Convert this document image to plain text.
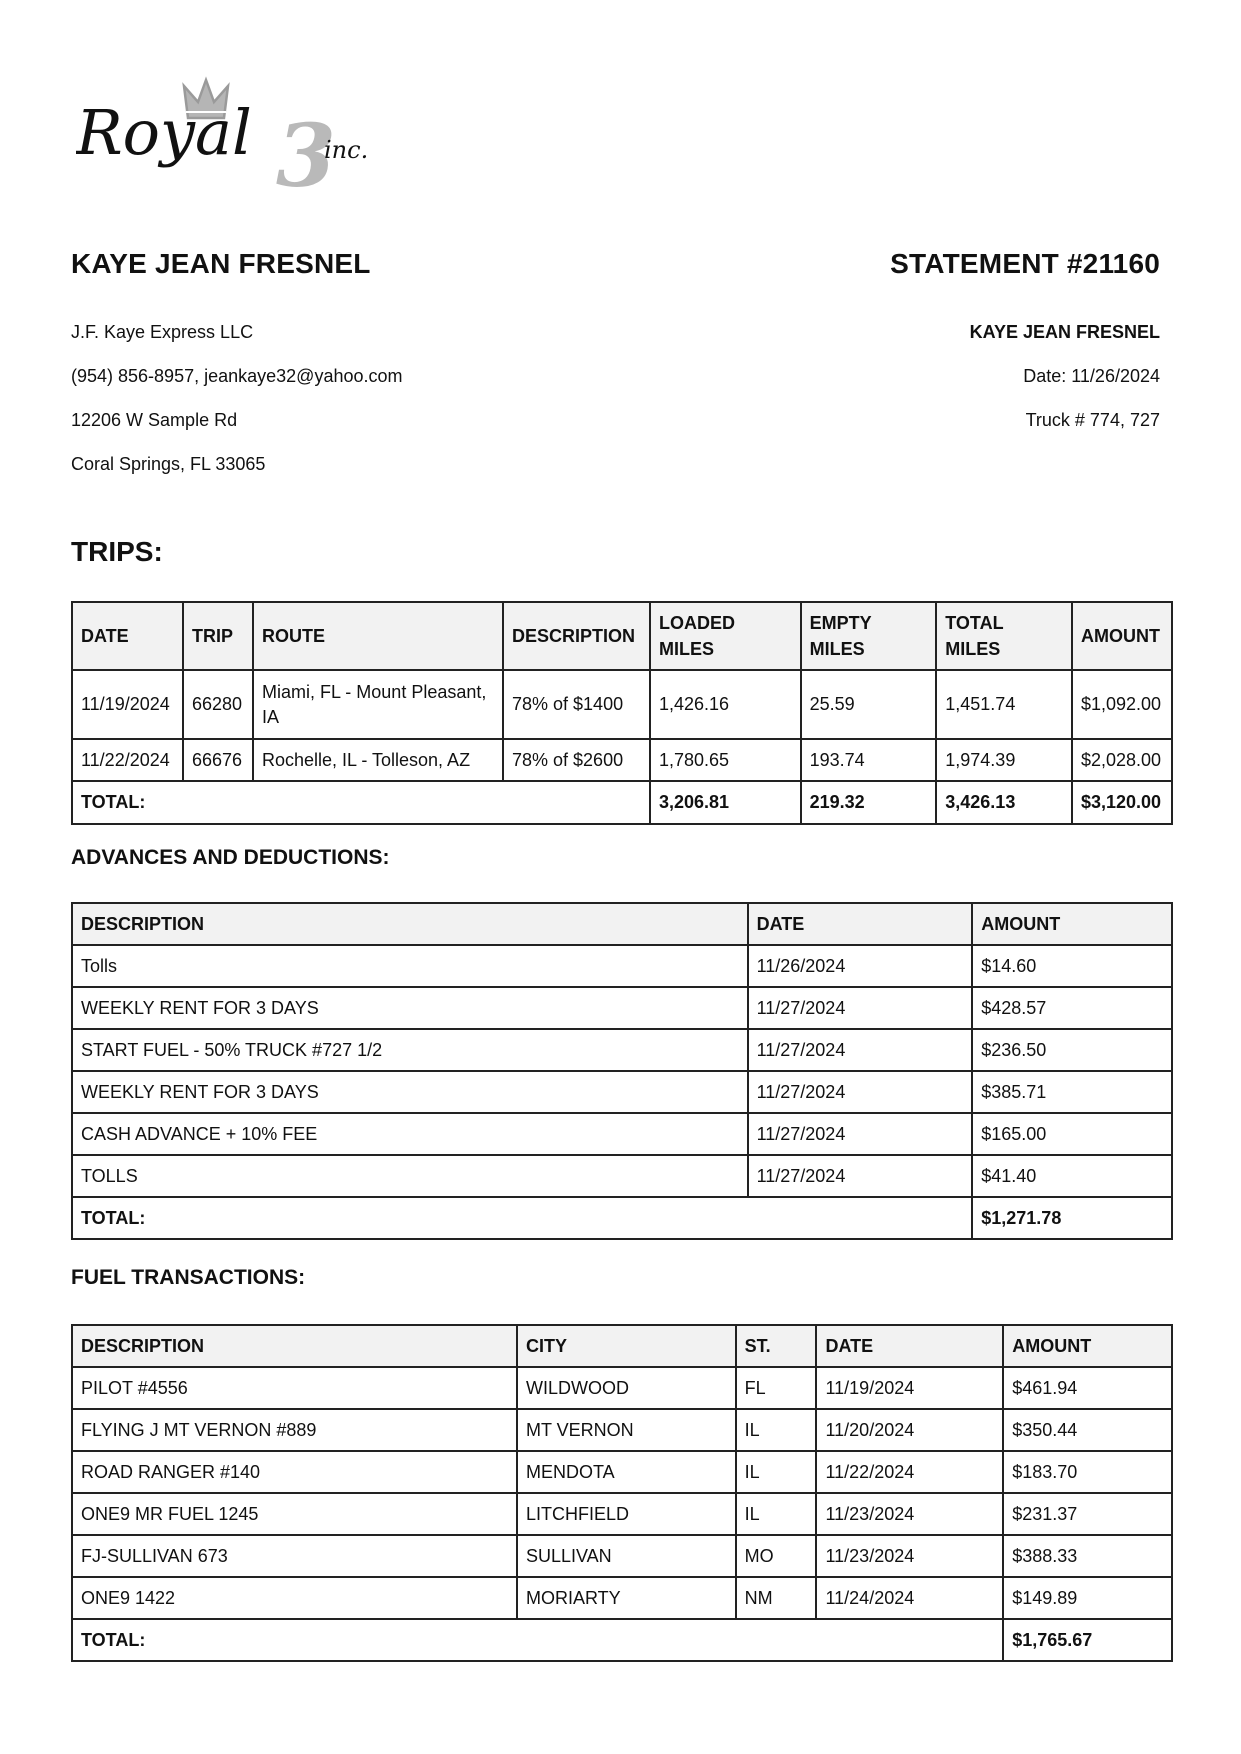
3
Royal	inc.
KAYE JEAN FRESNEL	STATEMENT #21160
J.F. Kaye Express LLC
(954) 856-8957, jeankaye32@yahoo.com
12206 W Sample Rd
Coral Springs, FL 33065
KAYE JEAN FRESNEL
Date: 11/26/2024
Truck # 774, 727
TRIPS:
DATE	TRIP	ROUTE	DESCRIPTION	LOADED MILES	EMPTY MILES	TOTAL MILES	AMOUNT
11/19/2024	66280	Miami, FL - Mount Pleasant, IA	78% of $1400	1,426.16	25.59	1,451.74	$1,092.00
11/22/2024	66676	Rochelle, IL - Tolleson, AZ	78% of $2600	1,780.65	193.74	1,974.39	$2,028.00
TOTAL:				3,206.81	219.32	3,426.13	$3,120.00
ADVANCES AND DEDUCTIONS:
DESCRIPTION	DATE	AMOUNT
Tolls	11/26/2024	$14.60
WEEKLY RENT FOR 3 DAYS	11/27/2024	$428.57
START FUEL - 50% TRUCK #727 1/2	11/27/2024	$236.50
WEEKLY RENT FOR 3 DAYS	11/27/2024	$385.71
CASH ADVANCE + 10% FEE	11/27/2024	$165.00
TOLLS	11/27/2024	$41.40
TOTAL:		$1,271.78
FUEL TRANSACTIONS:
DESCRIPTION	CITY	ST.	DATE	AMOUNT
PILOT #4556	WILDWOOD	FL	11/19/2024	$461.94
FLYING J MT VERNON #889	MT VERNON	IL	11/20/2024	$350.44
ROAD RANGER #140	MENDOTA	IL	11/22/2024	$183.70
ONE9 MR FUEL 1245	LITCHFIELD	IL	11/23/2024	$231.37
FJ-SULLIVAN 673	SULLIVAN	MO	11/23/2024	$388.33
ONE9 1422	MORIARTY	NM	11/24/2024	$149.89
TOTAL:				$1,765.67
